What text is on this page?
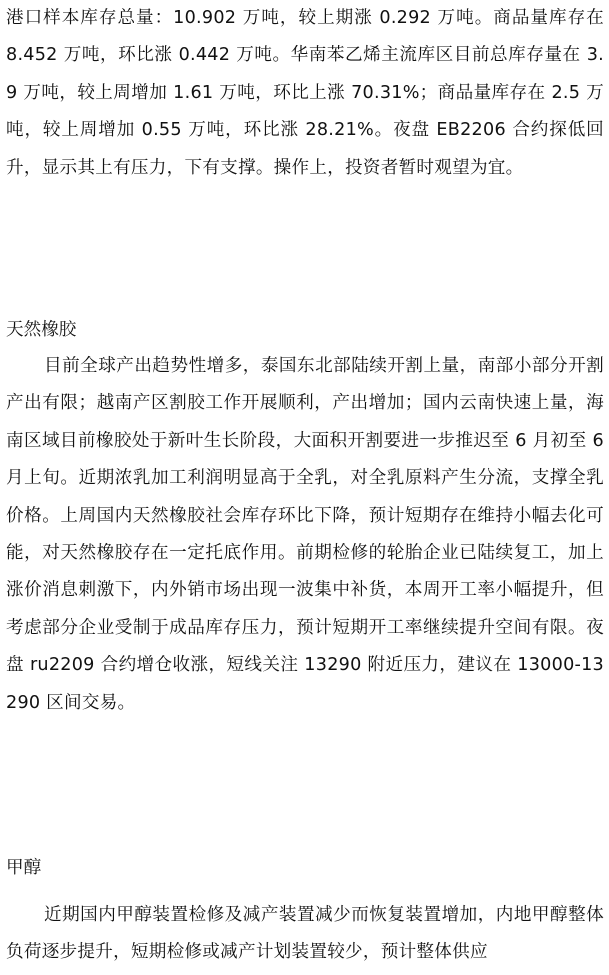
港口样本库存总量：10.902 万吨，较上期涨 0.292 万吨。商品量库存在 8.452 万吨，环比涨 0.442 万吨。华南苯乙烯主流库区目前总库存量在 3.9 万吨，较上周增加 1.61 万吨，环比上涨 70.31%；商品量库存在 2.5 万吨，较上周增加 0.55 万吨，环比涨 28.21%。夜盘 EB2206 合约探低回升，显示其上有压力，下有支撑。操作上，投资者暂时观望为宜。

天然橡胶

目前全球产出趋势性增多，泰国东北部陆续开割上量，南部小部分开割产出有限；越南产区割胶工作开展顺利，产出增加；国内云南快速上量，海南区域目前橡胶处于新叶生长阶段，大面积开割要进一步推迟至 6 月初至 6 月上旬。近期浓乳加工利润明显高于全乳，对全乳原料产生分流，支撑全乳价格。上周国内天然橡胶社会库存环比下降，预计短期存在维持小幅去化可能，对天然橡胶存在一定托底作用。前期检修的轮胎企业已陆续复工，加上涨价消息刺激下，内外销市场出现一波集中补货，本周开工率小幅提升，但考虑部分企业受制于成品库存压力，预计短期开工率继续提升空间有限。夜盘 ru2209 合约增仓收涨，短线关注 13290 附近压力，建议在 13000-13290 区间交易。

甲醇

近期国内甲醇装置检修及减产装置减少而恢复装置增加，内地甲醇整体负荷逐步提升，短期检修或减产计划装置较少，预计整体供应
